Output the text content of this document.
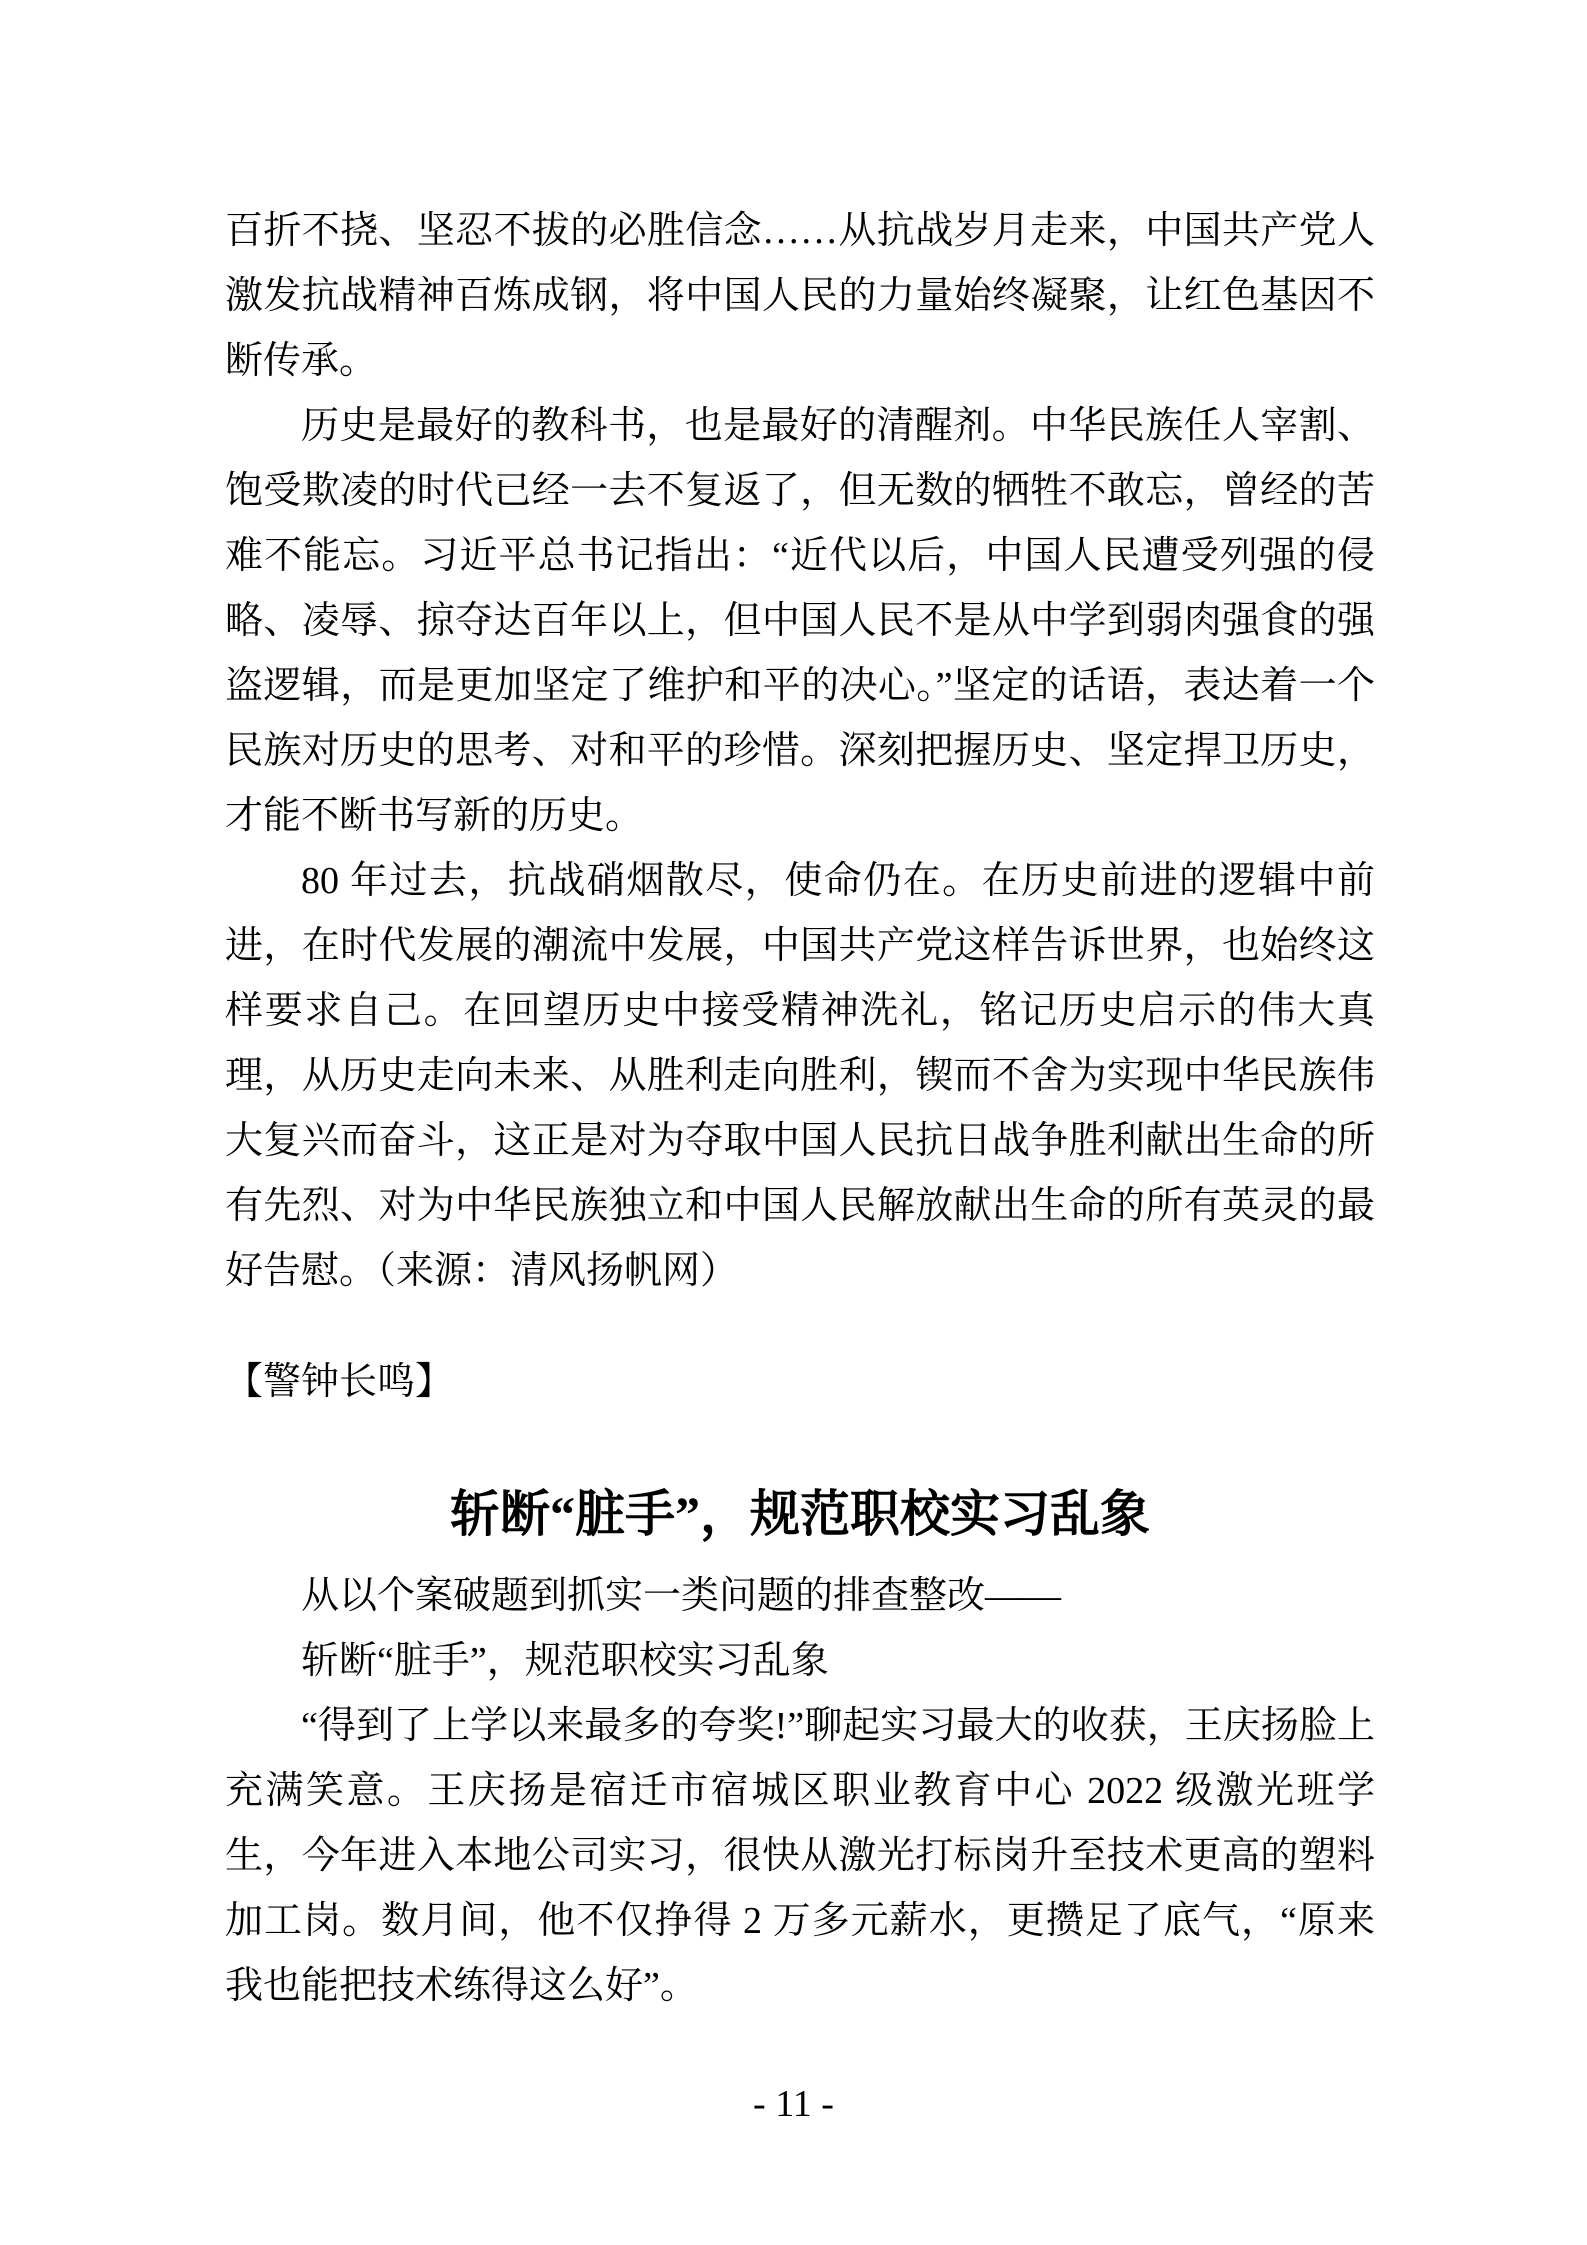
百折不挠、坚忍不拔的必胜信念……从抗战岁月走来，中国共产党人激发抗战精神百炼成钢，将中国人民的力量始终凝聚，让红色基因不断传承。

历史是最好的教科书，也是最好的清醒剂。中华民族任人宰割、饱受欺凌的时代已经一去不复返了，但无数的牺牲不敢忘，曾经的苦难不能忘。习近平总书记指出：“近代以后，中国人民遭受列强的侵略、凌辱、掠夺达百年以上，但中国人民不是从中学到弱肉强食的强盗逻辑，而是更加坚定了维护和平的决心。”坚定的话语，表达着一个民族对历史的思考、对和平的珍惜。深刻把握历史、坚定捍卫历史，才能不断书写新的历史。

80 年过去，抗战硝烟散尽，使命仍在。在历史前进的逻辑中前进，在时代发展的潮流中发展，中国共产党这样告诉世界，也始终这样要求自己。在回望历史中接受精神洗礼，铭记历史启示的伟大真理，从历史走向未来、从胜利走向胜利，锲而不舍为实现中华民族伟大复兴而奋斗，这正是对为夺取中国人民抗日战争胜利献出生命的所有先烈、对为中华民族独立和中国人民解放献出生命的所有英灵的最好告慰。（来源：清风扬帆网）

【警钟长鸣】

斩断“脏手”，规范职校实习乱象

从以个案破题到抓实一类问题的排查整改——

斩断“脏手”，规范职校实习乱象

“得到了上学以来最多的夸奖!”聊起实习最大的收获，王庆扬脸上充满笑意。王庆扬是宿迁市宿城区职业教育中心 2022 级激光班学生，今年进入本地公司实习，很快从激光打标岗升至技术更高的塑料加工岗。数月间，他不仅挣得 2 万多元薪水，更攒足了底气，“原来我也能把技术练得这么好”。

- 11 -
